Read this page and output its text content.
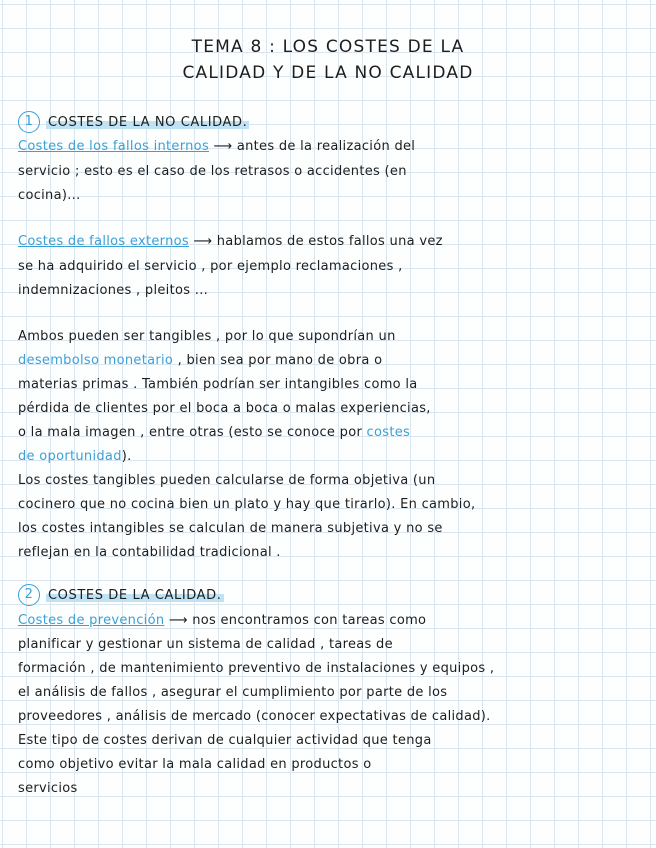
TEMA 8 : LOS COSTES DE LA
CALIDAD Y DE LA NO CALIDAD
1 COSTES DE LA NO CALIDAD.
Costes de los fallos internos ⟶ antes de la realización del
servicio ; esto es el caso de los retrasos o accidentes (en
cocina)...
Costes de fallos externos ⟶ hablamos de estos fallos una vez
se ha adquirido el servicio , por ejemplo reclamaciones ,
indemnizaciones , pleitos ...
Ambos pueden ser tangibles , por lo que supondrían un
desembolso monetario , bien sea por mano de obra o
materias primas . También podrían ser intangibles como la
pérdida de clientes por el boca a boca o malas experiencias,
o la mala imagen , entre otras (esto se conoce por costes
de oportunidad).
Los costes tangibles pueden calcularse de forma objetiva (un
cocinero que no cocina bien un plato y hay que tirarlo). En cambio,
los costes intangibles se calculan de manera subjetiva y no se
reflejan en la contabilidad tradicional .
2 COSTES DE LA CALIDAD.
Costes de prevención ⟶ nos encontramos con tareas como
planificar y gestionar un sistema de calidad , tareas de
formación , de mantenimiento preventivo de instalaciones y equipos ,
el análisis de fallos , asegurar el cumplimiento por parte de los
proveedores , análisis de mercado (conocer expectativas de calidad).
Este tipo de costes derivan de cualquier actividad que tenga
como objetivo evitar la mala calidad en productos o
servicios
